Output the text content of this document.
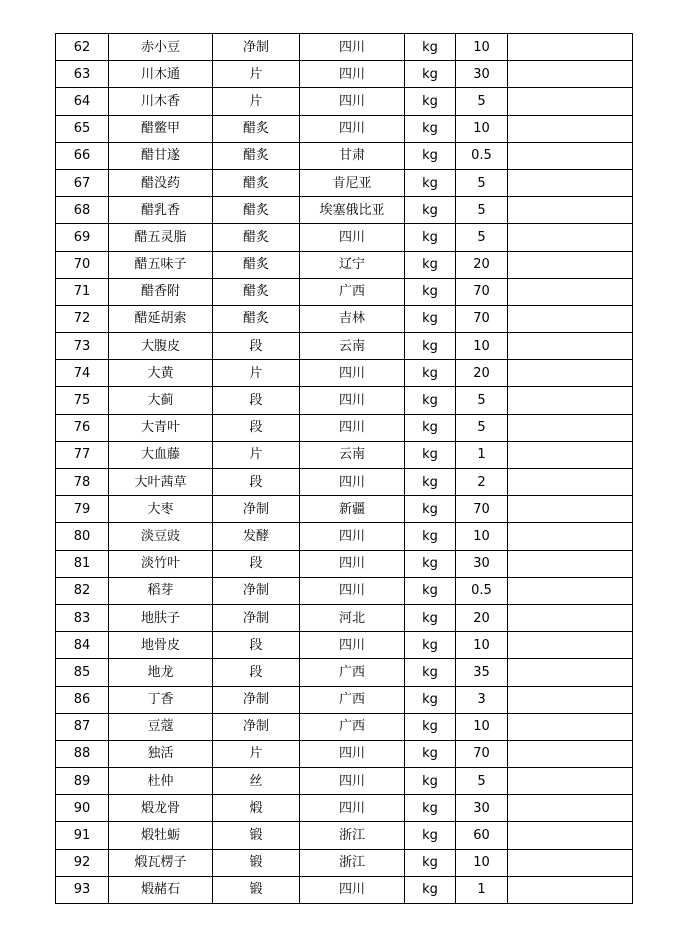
62	赤小豆	净制	四川	kg	10	
63	川木通	片	四川	kg	30	
64	川木香	片	四川	kg	5	
65	醋鳖甲	醋炙	四川	kg	10	
66	醋甘遂	醋炙	甘肃	kg	0.5	
67	醋没药	醋炙	肯尼亚	kg	5	
68	醋乳香	醋炙	埃塞俄比亚	kg	5	
69	醋五灵脂	醋炙	四川	kg	5	
70	醋五味子	醋炙	辽宁	kg	20	
71	醋香附	醋炙	广西	kg	70	
72	醋延胡索	醋炙	吉林	kg	70	
73	大腹皮	段	云南	kg	10	
74	大黄	片	四川	kg	20	
75	大蓟	段	四川	kg	5	
76	大青叶	段	四川	kg	5	
77	大血藤	片	云南	kg	1	
78	大叶茜草	段	四川	kg	2	
79	大枣	净制	新疆	kg	70	
80	淡豆豉	发酵	四川	kg	10	
81	淡竹叶	段	四川	kg	30	
82	稻芽	净制	四川	kg	0.5	
83	地肤子	净制	河北	kg	20	
84	地骨皮	段	四川	kg	10	
85	地龙	段	广西	kg	35	
86	丁香	净制	广西	kg	3	
87	豆蔻	净制	广西	kg	10	
88	独活	片	四川	kg	70	
89	杜仲	丝	四川	kg	5	
90	煅龙骨	煅	四川	kg	30	
91	煅牡蛎	锻	浙江	kg	60	
92	煅瓦楞子	锻	浙江	kg	10	
93	煅赭石	锻	四川	kg	1	
